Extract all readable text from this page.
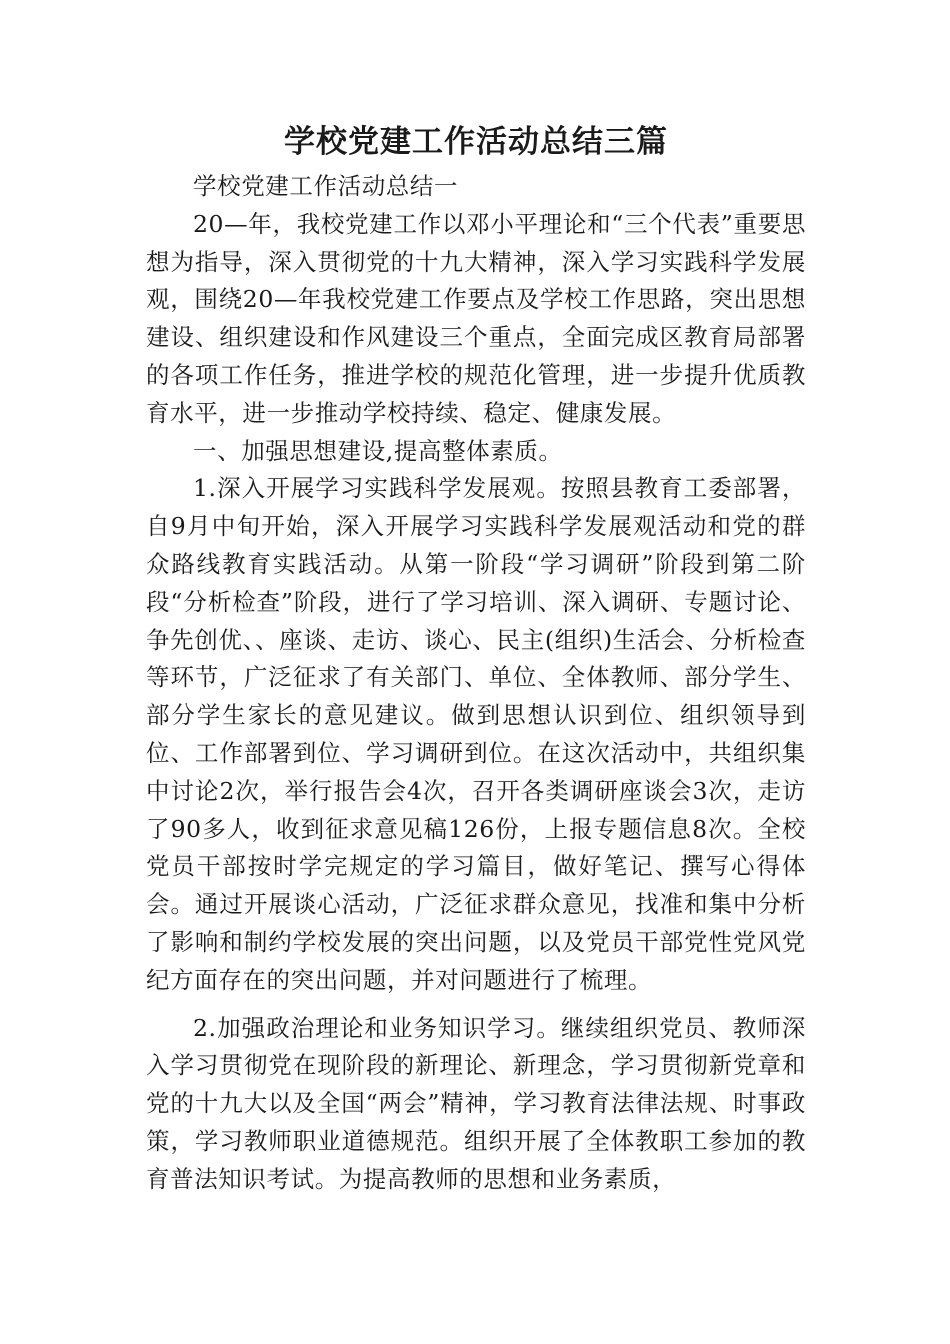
学校党建工作活动总结三篇

学校党建工作活动总结一

20—年，我校党建工作以邓小平理论和“三个代表”重要思想为指导，深入贯彻党的十九大精神，深入学习实践科学发展观，围绕20—年我校党建工作要点及学校工作思路，突出思想建设、组织建设和作风建设三个重点，全面完成区教育局部署的各项工作任务，推进学校的规范化管理，进一步提升优质教育水平，进一步推动学校持续、稳定、健康发展。

一、加强思想建设,提高整体素质。

1.深入开展学习实践科学发展观。按照县教育工委部署，自9月中旬开始，深入开展学习实践科学发展观活动和党的群众路线教育实践活动。从第一阶段“学习调研”阶段到第二阶段“分析检查”阶段，进行了学习培训、深入调研、专题讨论、争先创优、、座谈、走访、谈心、民主(组织)生活会、分析检查等环节，广泛征求了有关部门、单位、全体教师、部分学生、部分学生家长的意见建议。做到思想认识到位、组织领导到位、工作部署到位、学习调研到位。在这次活动中，共组织集中讨论2次，举行报告会4次，召开各类调研座谈会3次，走访了90多人，收到征求意见稿126份，上报专题信息8次。全校党员干部按时学完规定的学习篇目，做好笔记、撰写心得体会。通过开展谈心活动，广泛征求群众意见，找准和集中分析了影响和制约学校发展的突出问题，以及党员干部党性党风党纪方面存在的突出问题，并对问题进行了梳理。

2.加强政治理论和业务知识学习。继续组织党员、教师深入学习贯彻党在现阶段的新理论、新理念，学习贯彻新党章和党的十九大以及全国“两会”精神，学习教育法律法规、时事政策，学习教师职业道德规范。组织开展了全体教职工参加的教育普法知识考试。为提高教师的思想和业务素质，
